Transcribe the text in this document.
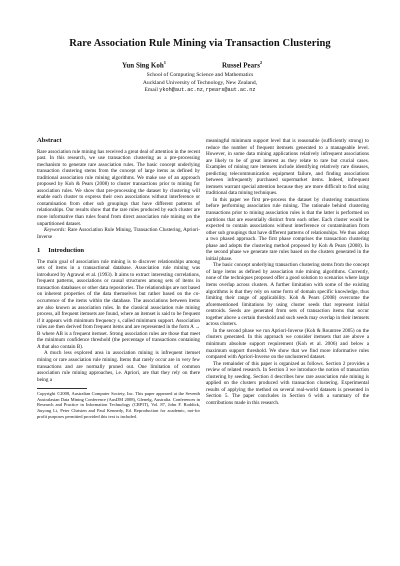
Rare Association Rule Mining via Transaction Clustering
Yun Sing Koh$^1$	Russel Pears$^2$
School of Computing Science and Mathematics
Auckland University of Technology, New Zealand,
Email ykoh@aut.ac.nz, rpears@aut.ac.nz
Abstract

Rare association rule mining has received a great deal of attention in the recent past. In this research, we use transaction clustering as a pre-processing mechanism to generate rare association rules. The basic concept underlying transaction clustering stems from the concept of large items as defined by traditional association rule mining algorithms. We make use of an approach proposed by Koh & Pears (2008) to cluster transactions prior to mining for association rules. We show that pre-processing the dataset by clustering will enable each cluster to express their own associations without interference or contamination from other sub groupings that have different patterns of relationships. Our results show that the rare rules produced by each cluster are more informative than rules found from direct association rule mining on the unpartitioned dataset.

Keywords: Rare Association Rule Mining, Transaction Clustering, Apriori-Inverse

1 Introduction

The main goal of association rule mining is to discover relationships among sets of items in a transactional database. Association rule mining was introduced by Agrawal et al. (1993). It aims to extract interesting correlations, frequent patterns, associations or causal structures among sets of items in transaction databases or other data repositories. The relationships are not based on inherent properties of the data themselves but rather based on the co-occurrence of the items within the database. The associations between items are also known as association rules. In the classical association rule mining process, all frequent itemsets are found, where an itemset is said to be frequent if it appears with minimum frequency s, called minimum support. Association rules are then derived from frequent items and are represented in the form A → B where AB is a frequent itemset. Strong association rules are those that meet the minimum confidence threshold (the percentage of transactions containing A that also contain B).

A much less explored area in association mining is infrequent itemset mining or rare association rule mining. Items that rarely occur are in very few transactions and are normally pruned out. One limitation of common association rule mining approaches, i.e. Apriori, are that they rely on there being a

Copyright ©2008, Australian Computer Society, Inc. This paper appeared at the Seventh Australasian Data Mining Conference (AusDM 2008), Glenelg, Australia. Conferences in Research and Practice in Information Technology (CRPIT), Vol. 87, John F. Roddick, Jiuyong Li, Peter Christen and Paul Kennedy, Ed. Reproduction for academic, not-for profit purposes permitted provided this text is included.

meaningful minimum support level that is reasonable (sufficiently strong) to reduce the number of frequent itemsets generated to a manageable level. However, in some data mining applications relatively infrequent associations are likely to be of great interest as they relate to rare but crucial cases. Examples of mining rare itemsets include identifying relatively rare diseases, predicting telecommunication equipment failure, and finding associations between infrequently purchased supermarket items. Indeed, infrequent itemsets warrant special attention because they are more difficult to find using traditional data mining techniques.

In this paper we first pre-process the dataset by clustering transactions before performing association rule mining. The rationale behind clustering transactions prior to mining association rules is that the latter is performed on partitions that are essentially distinct from each other. Each cluster would be expected to contain associations without interference or contamination from other sub groupings that have different patterns of relationships. We thus adopt a two phased approach. The first phase comprises the transaction clustering phase and adopts the clustering method proposed by Koh & Pears (2008). In the second phase we generate rare rules based on the clusters generated in the initial phase.

The basic concept underlying transaction clustering stems from the concept of large items as defined by association rule mining algorithms. Currently, none of the techniques proposed offer a good solution to scenarios where large items overlap across clusters. A further limitation with some of the existing algorithms is that they rely on some form of domain specific knowledge, thus limiting their range of applicability. Koh & Pears (2008) overcome the aforementioned limitations by using cluster seeds that represent initial centroids. Seeds are generated from sets of transaction items that occur together above a certain threshold and such seeds may overlap in their itemsets across clusters.

In the second phase we run Apriori-Inverse (Koh & Rountree 2005) on the clusters generated. In this approach we consider itemsets that are above a minimum absolute support requirement (Koh et al. 2006) and below a maximum support threshold. We show that we find more informative rules compared with Apriori-Inverse on the unclustered dataset.

The remainder of this paper is organized as follows. Section 2 provides a review of related research. In Section 3 we introduce the notion of transaction clustering by seeding. Section 4 describes how rare association rule mining is applied on the clusters produced with transaction clustering. Experimental results of applying the method on several real-world datasets is presented in Section 5. The paper concludes in Section 6 with a summary of the contributions made in this research.
